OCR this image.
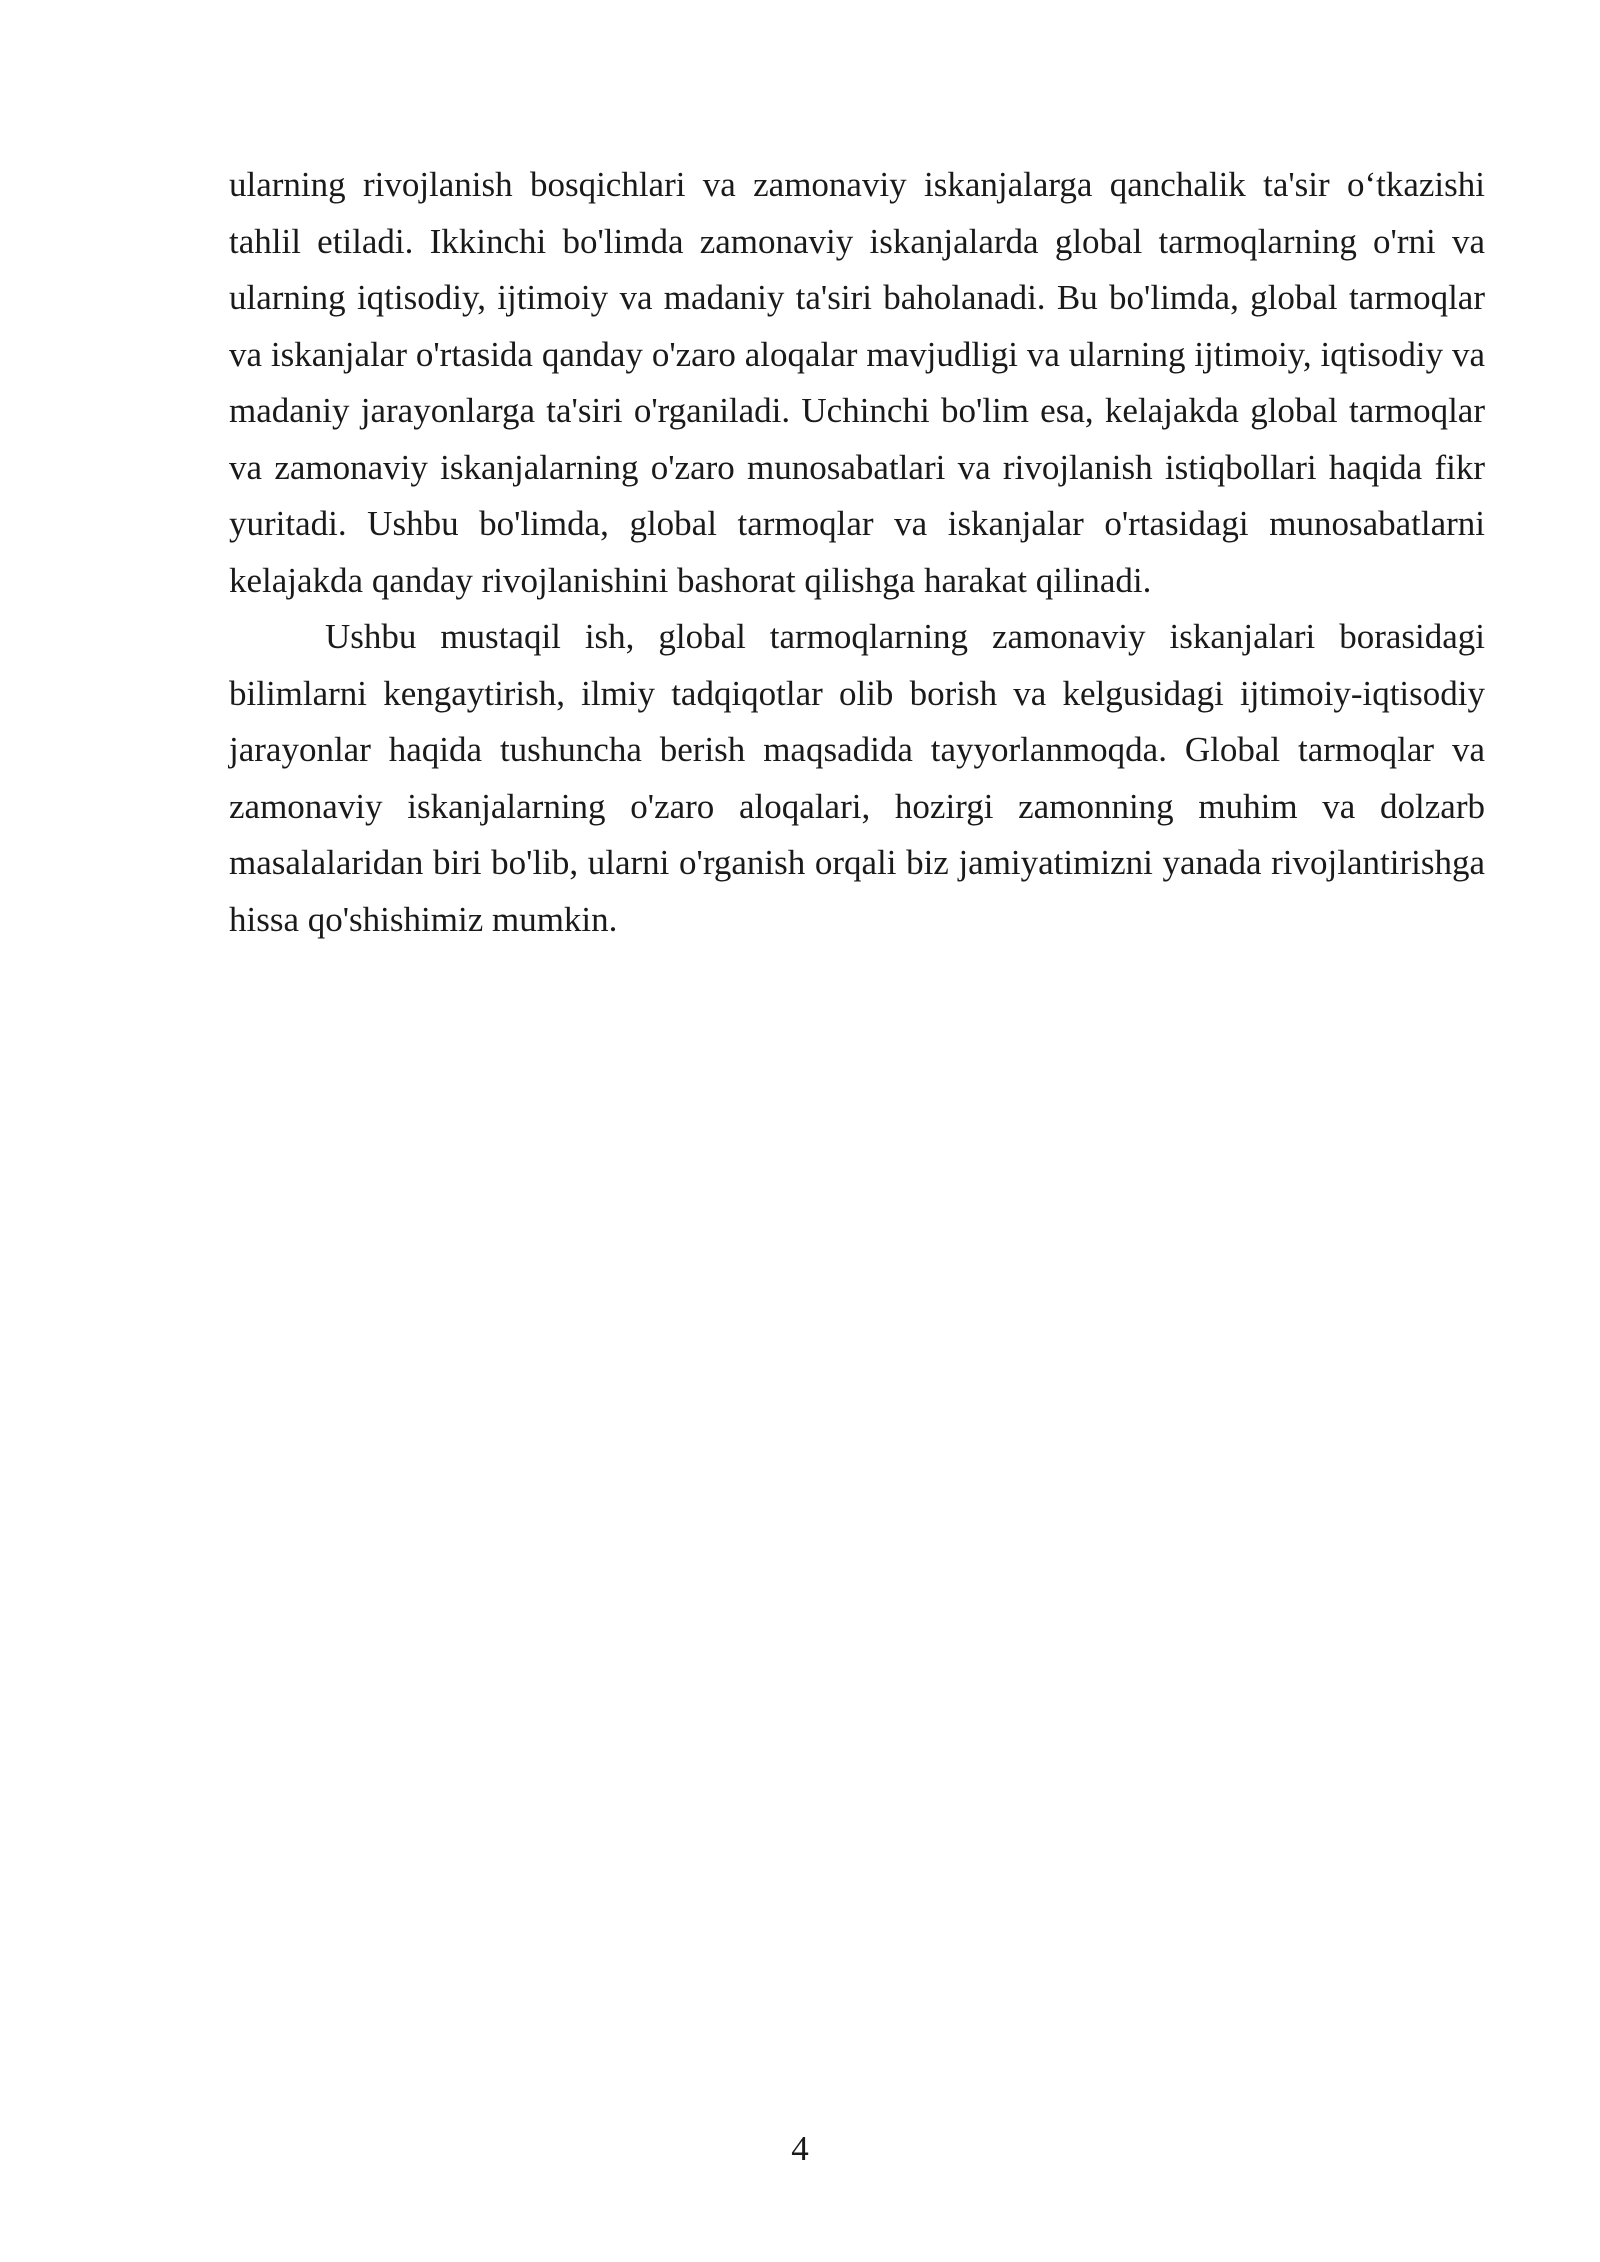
ularning rivojlanish bosqichlari va zamonaviy iskanjalarga qanchalik ta'sir o‘tkazishi tahlil etiladi. Ikkinchi bo'limda zamonaviy iskanjalarda global tarmoqlarning o'rni va ularning iqtisodiy, ijtimoiy va madaniy ta'siri baholanadi. Bu bo'limda, global tarmoqlar va iskanjalar o'rtasida qanday o'zaro aloqalar mavjudligi va ularning ijtimoiy, iqtisodiy va madaniy jarayonlarga ta'siri o'rganiladi. Uchinchi bo'lim esa, kelajakda global tarmoqlar va zamonaviy iskanjalarning o'zaro munosabatlari va rivojlanish istiqbollari haqida fikr yuritadi. Ushbu bo'limda, global tarmoqlar va iskanjalar o'rtasidagi munosabatlarni kelajakda qanday rivojlanishini bashorat qilishga harakat qilinadi.

Ushbu mustaqil ish, global tarmoqlarning zamonaviy iskanjalari borasidagi bilimlarni kengaytirish, ilmiy tadqiqotlar olib borish va kelgusidagi ijtimoiy-iqtisodiy jarayonlar haqida tushuncha berish maqsadida tayyorlanmoqda. Global tarmoqlar va zamonaviy iskanjalarning o'zaro aloqalari, hozirgi zamonning muhim va dolzarb masalalaridan biri bo'lib, ularni o'rganish orqali biz jamiyatimizni yanada rivojlantirishga hissa qo'shishimiz mumkin.

4
